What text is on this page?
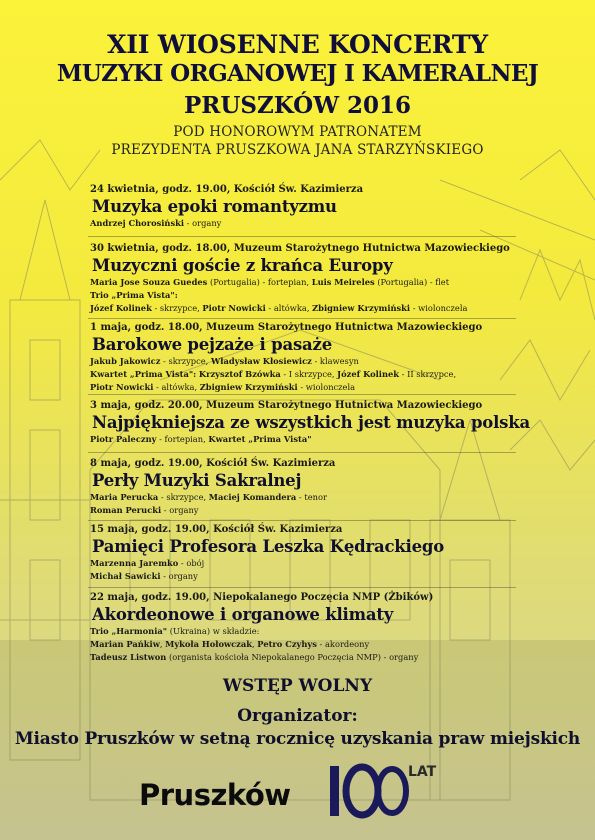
XII WIOSENNE KONCERTY
MUZYKI ORGANOWEJ I KAMERALNEJ
PRUSZKÓW 2016
POD HONOROWYM PATRONATEM
PREZYDENTA PRUSZKOWA JANA STARZYŃSKIEGO
24 kwietnia, godz. 19.00, Kościół Św. Kazimierza
Muzyka epoki romantyzmu
Andrzej Chorosiński - organy
30 kwietnia, godz. 18.00, Muzeum Starożytnego Hutnictwa Mazowieckiego
Muzyczni goście z krańca Europy
Maria Jose Souza Guedes (Portugalia) - fortepian, Luis Meireles (Portugalia) - flet
Trio „Prima Vista":
Józef Kolinek - skrzypce, Piotr Nowicki - altówka, Zbigniew Krzymiński - wiolonczela
1 maja, godz. 18.00, Muzeum Starożytnego Hutnictwa Mazowieckiego
Barokowe pejzaże i pasaże
Jakub Jakowicz - skrzypce, Władysław Kłosiewicz - klawesyn
Kwartet „Prima Vista": Krzysztof Bzówka - I skrzypce, Józef Kolinek - II skrzypce,
Piotr Nowicki - altówka, Zbigniew Krzymiński - wiolonczela
3 maja, godz. 20.00, Muzeum Starożytnego Hutnictwa Mazowieckiego
Najpiękniejsza ze wszystkich jest muzyka polska
Piotr Paleczny - fortepian, Kwartet „Prima Vista"
8 maja, godz. 19.00, Kościół Św. Kazimierza
Perły Muzyki Sakralnej
Maria Perucka - skrzypce, Maciej Komandera - tenor
Roman Perucki - organy
15 maja, godz. 19.00, Kościół Św. Kazimierza
Pamięci Profesora Leszka Kędrackiego
Marzenna Jaremko - obój
Michał Sawicki - organy
22 maja, godz. 19.00, Niepokalanego Poczęcia NMP (Żbików)
Akordeonowe i organowe klimaty
Trio „Harmonia" (Ukraina) w składzie:
Marian Pańkiw, Mykoła Hołowczak, Petro Czyhys - akordeony
Tadeusz Listwon (organista kościoła Niepokalanego Poczęcia NMP) - organy
WSTĘP WOLNY
Organizator:
Miasto Pruszków w setną rocznicę uzyskania praw miejskich
Pruszków
LAT
